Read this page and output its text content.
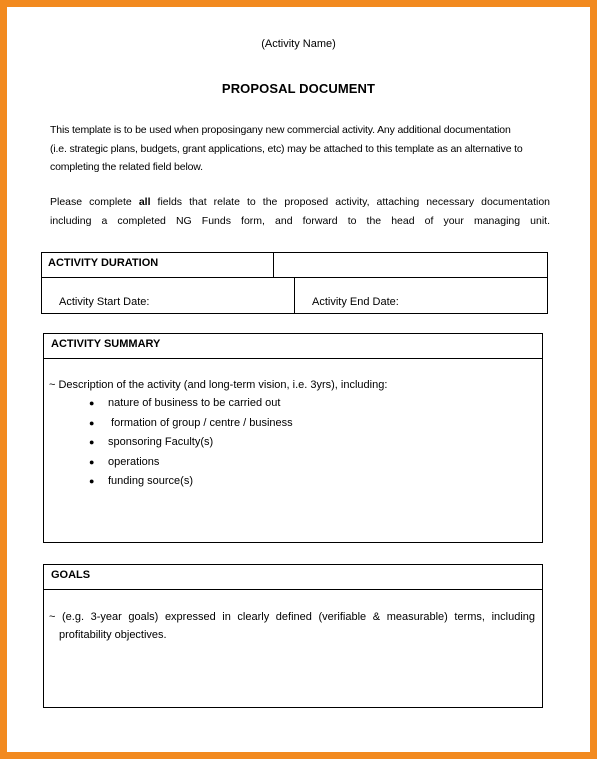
(Activity Name)
PROPOSAL DOCUMENT
This template is to be used when proposingany new commercial activity. Any additional documentation
(i.e. strategic plans, budgets, grant applications, etc) may be attached to this template as an alternative to
completing the related field below.
Please complete all fields that relate to the proposed activity, attaching necessary documentation
including a completed NG Funds form, and forward to the head of your managing unit.
ACTIVITY DURATION
Activity Start Date:	Activity End Date:
ACTIVITY SUMMARY
~ Description of the activity (and long-term vision, i.e. 3yrs), including:
● nature of business to be carried out
● formation of group / centre / business
● sponsoring Faculty(s)
● operations
● funding source(s)
GOALS
~ (e.g. 3-year goals) expressed in clearly defined (verifiable & measurable) terms, including
profitability objectives.
